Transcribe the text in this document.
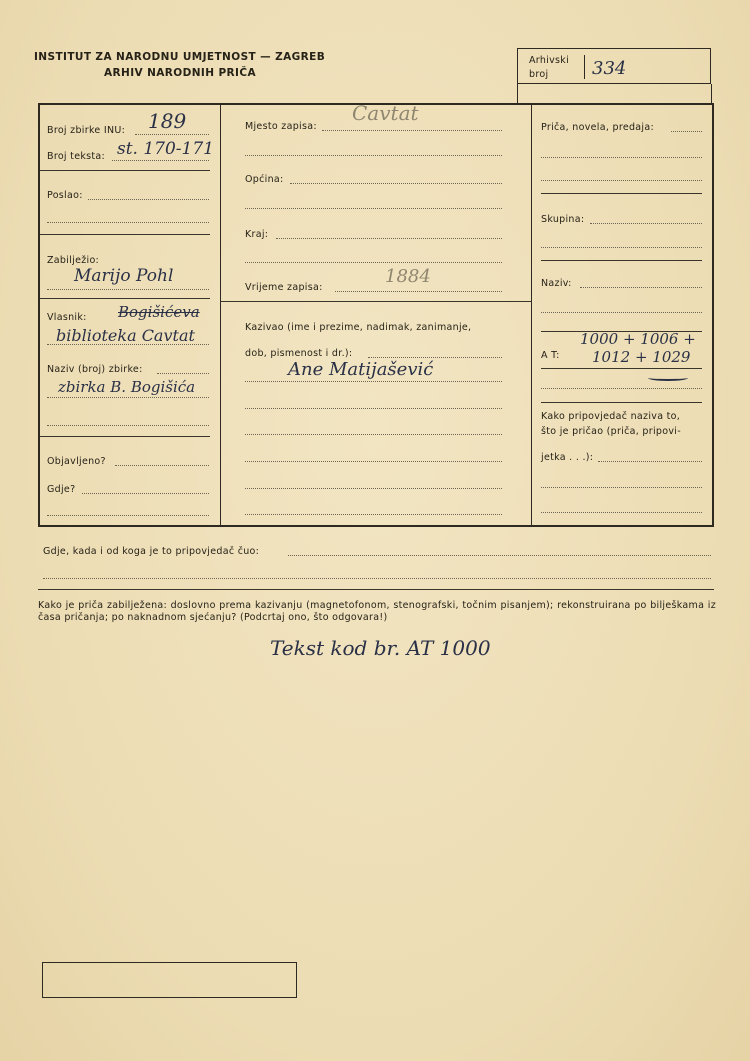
INSTITUT ZA NARODNU UMJETNOST — ZAGREB
ARHIV NARODNIH PRIČA
Arhivski
broj 334
Broj zbirke INU: 189
Broj teksta: st. 170-171
Poslao:
Zabilježio:
Marijo Pohl
Vlasnik: Bogišićeva
biblioteka Cavtat
Naziv (broj) zbirke:
zbirka B. Bogišića
Objavljeno?
Gdje?
Mjesto zapisa:
Cavtat
Općina:
Kraj:
Vrijeme zapisa:
1884
Kazivao (ime i prezime, nadimak, zanimanje,
dob, pismenost i dr.):
Ane Matijašević
Priča, novela, predaja:
Skupina:
Naziv:
1000 + 1006 +
A T: 1012 + 1029
Kako pripovjedač naziva to,
što je pričao (priča, pripovi-
jetka . . .):
Gdje, kada i od koga je to pripovjedač čuo:
Kako je priča zabilježena: doslovno prema kazivanju (magnetofonom, stenografski, točnim pisanjem); rekonstruirana po bilješkama iz časa pričanja; po naknadnom sjećanju? (Podcrtaj ono, što odgovara!)
Tekst kod br. AT 1000
